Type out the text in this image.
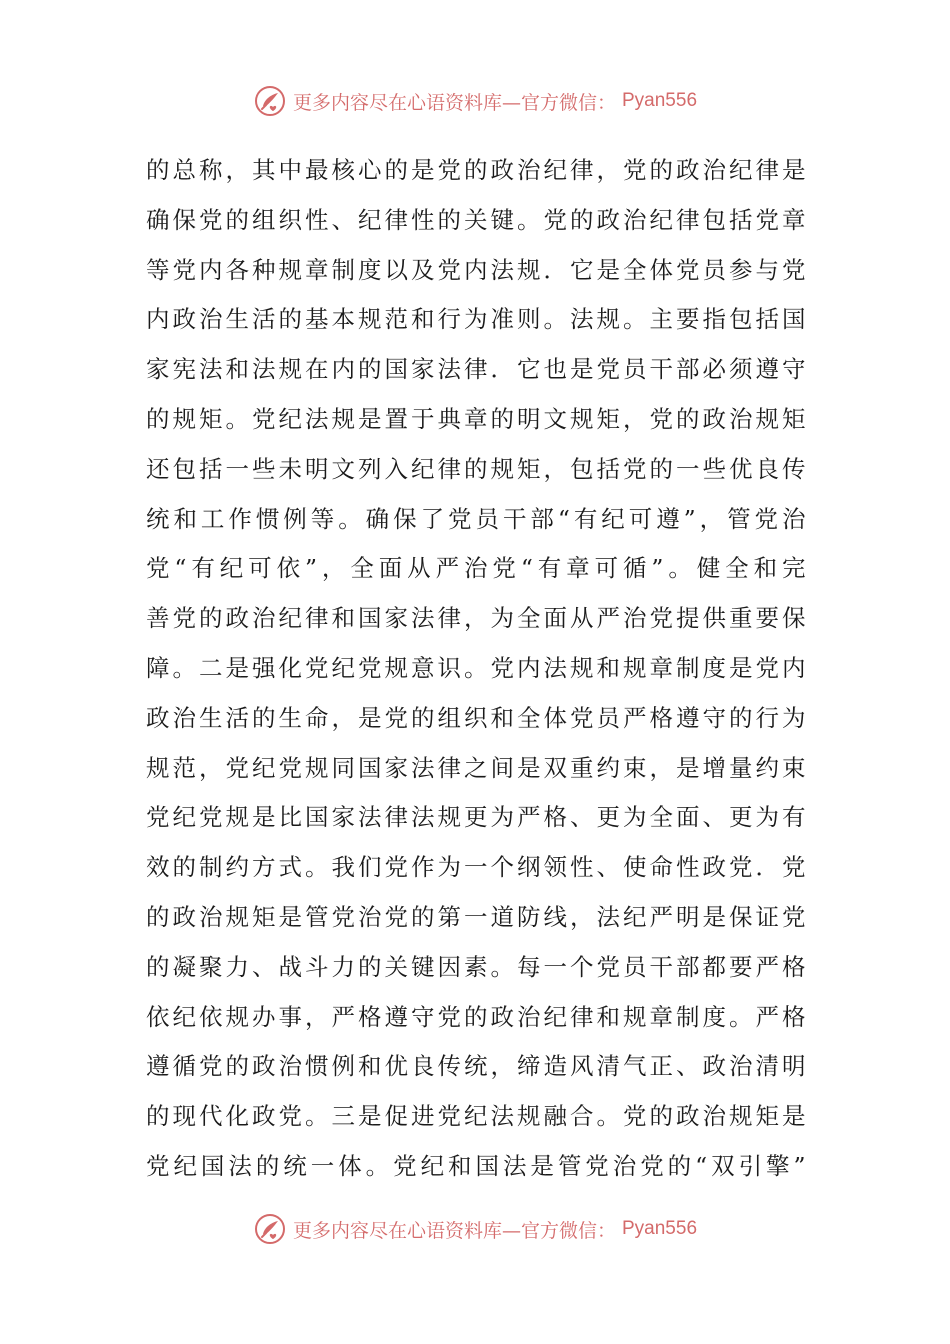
更多内容尽在心语资料库—官方微信： Pyan556
的总称，其中最核心的是党的政治纪律，党的政治纪律是
确保党的组织性、纪律性的关键。党的政治纪律包括党章
等党内各种规章制度以及党内法规．它是全体党员参与党
内政治生活的基本规范和行为准则。法规。主要指包括国
家宪法和法规在内的国家法律．它也是党员干部必须遵守
的规矩。党纪法规是置于典章的明文规矩，党的政治规矩
还包括一些未明文列入纪律的规矩，包括党的一些优良传
统和工作惯例等。确保了党员干部“有纪可遵”，管党治
党“有纪可依”，全面从严治党“有章可循”。健全和完
善党的政治纪律和国家法律，为全面从严治党提供重要保
障。二是强化党纪党规意识。党内法规和规章制度是党内
政治生活的生命，是党的组织和全体党员严格遵守的行为
规范，党纪党规同国家法律之间是双重约束，是增量约束
党纪党规是比国家法律法规更为严格、更为全面、更为有
效的制约方式。我们党作为一个纲领性、使命性政党．党
的政治规矩是管党治党的第一道防线，法纪严明是保证党
的凝聚力、战斗力的关键因素。每一个党员干部都要严格
依纪依规办事，严格遵守党的政治纪律和规章制度。严格
遵循党的政治惯例和优良传统，缔造风清气正、政治清明
的现代化政党。三是促进党纪法规融合。党的政治规矩是
党纪国法的统一体。党纪和国法是管党治党的“双引擎”
更多内容尽在心语资料库—官方微信： Pyan556
